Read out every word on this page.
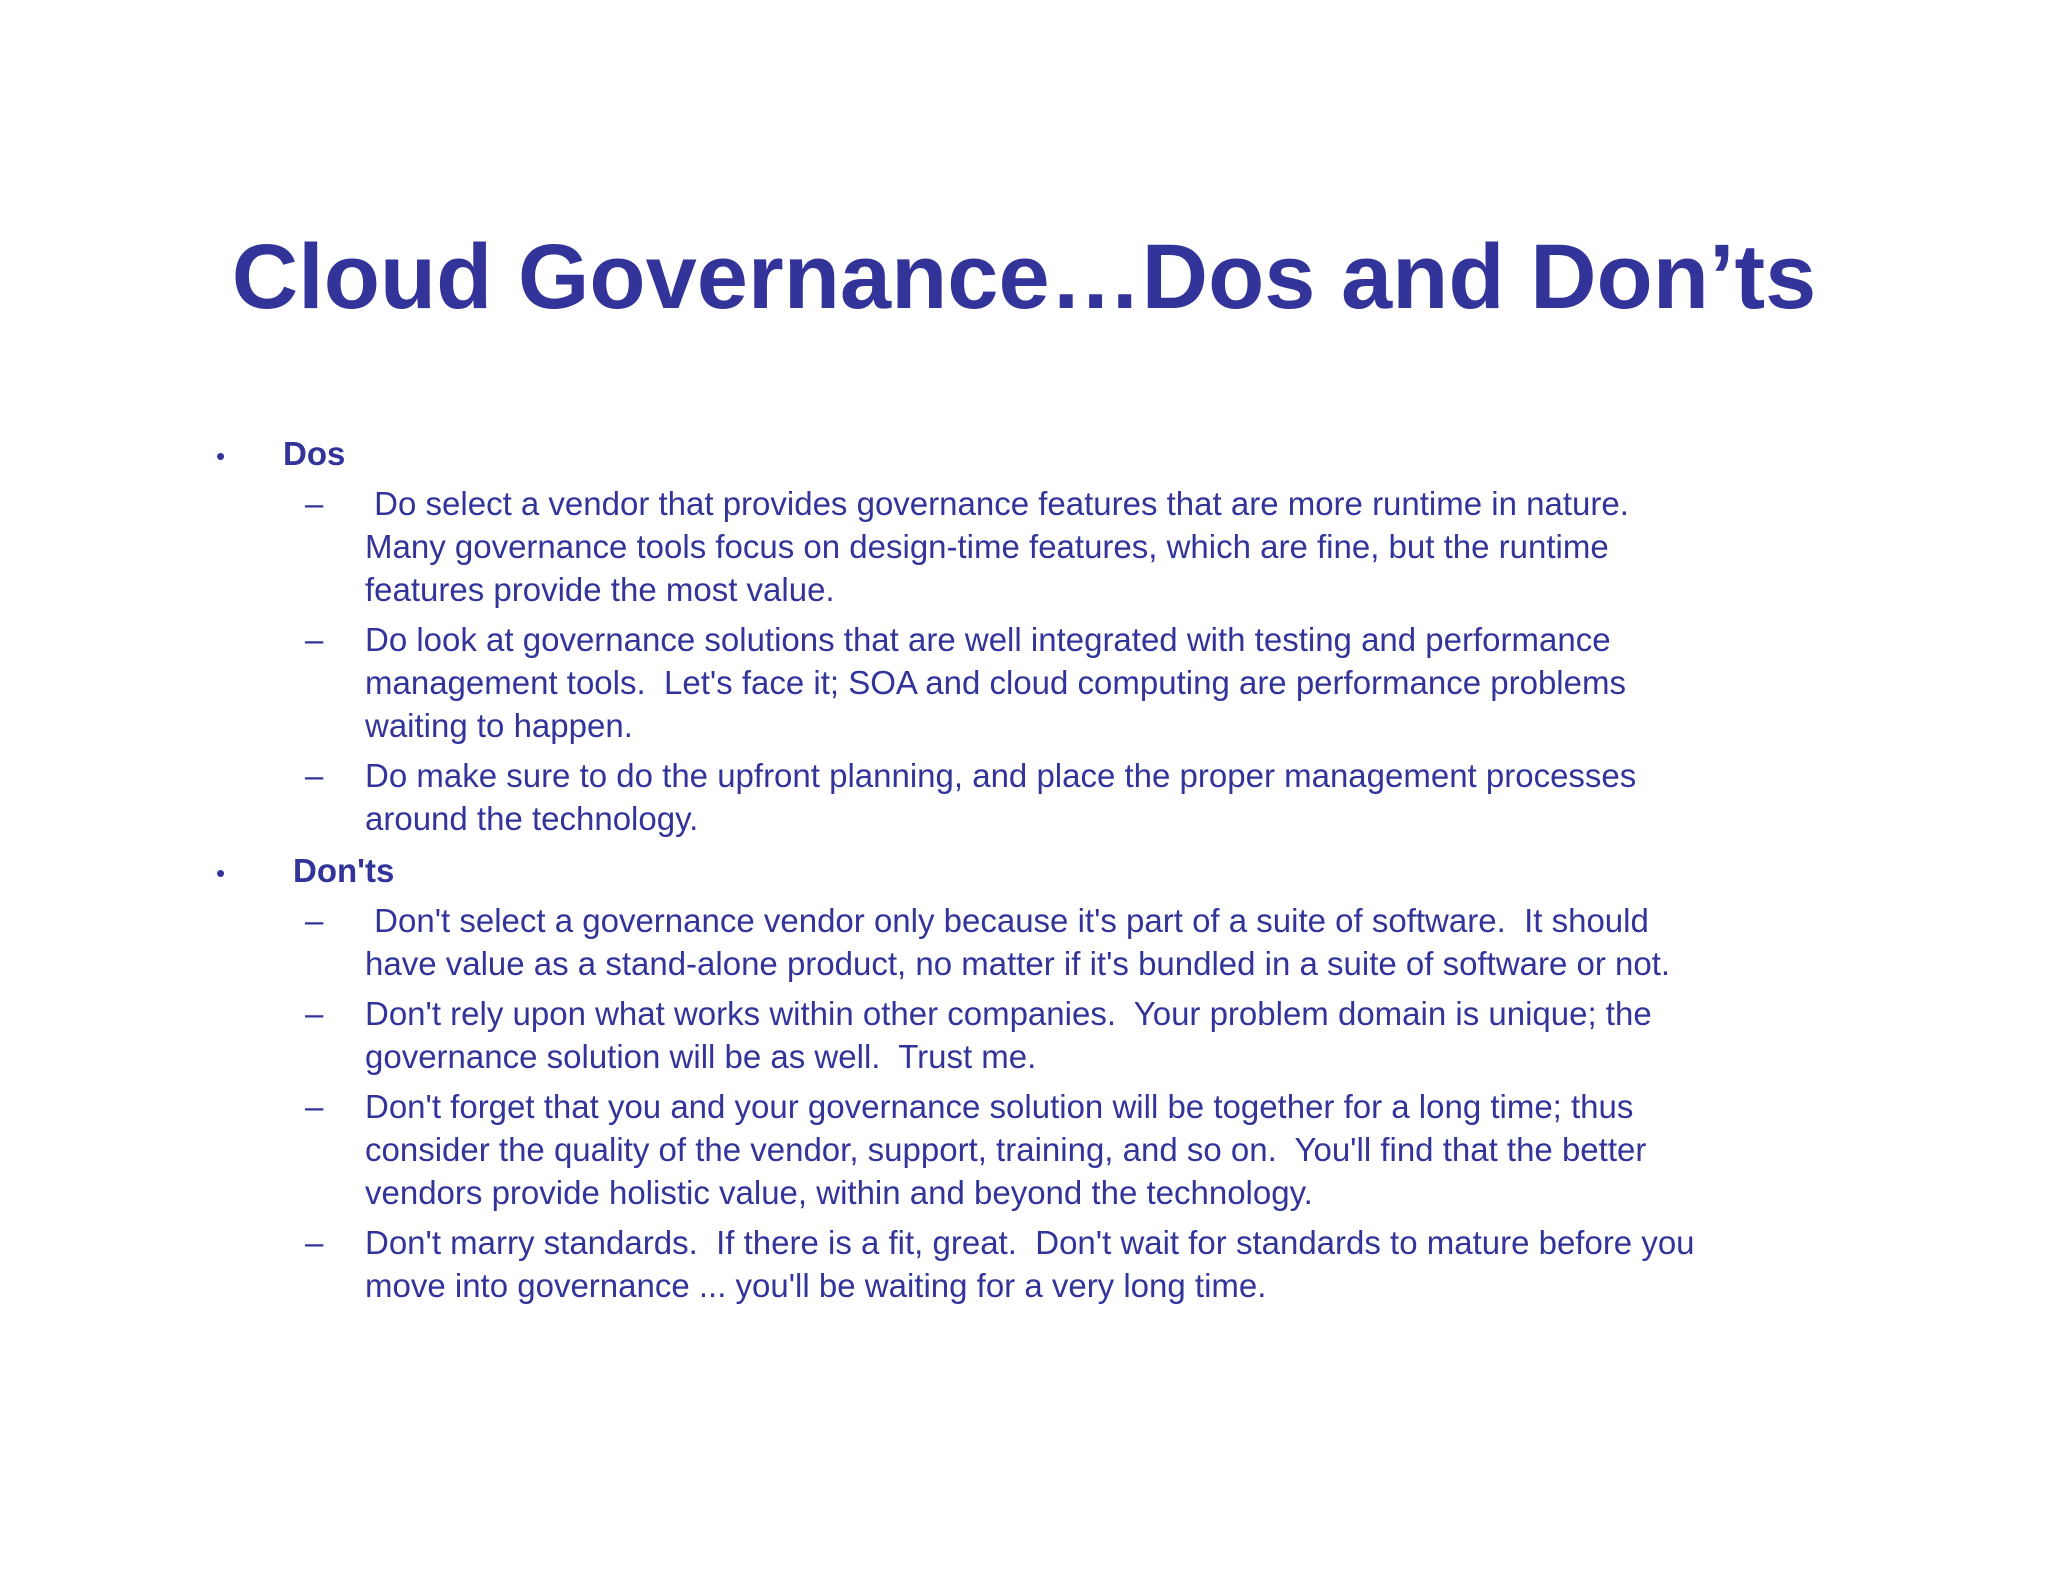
Cloud Governance…Dos and Don’ts
• Dos
– Do select a vendor that provides governance features that are more runtime in nature.
Many governance tools focus on design-time features, which are fine, but the runtime
features provide the most value.
– Do look at governance solutions that are well integrated with testing and performance
management tools.  Let's face it; SOA and cloud computing are performance problems
waiting to happen.
– Do make sure to do the upfront planning, and place the proper management processes
around the technology.
• Don'ts
– Don't select a governance vendor only because it's part of a suite of software.  It should
have value as a stand-alone product, no matter if it's bundled in a suite of software or not.
– Don't rely upon what works within other companies.  Your problem domain is unique; the
governance solution will be as well.  Trust me.
– Don't forget that you and your governance solution will be together for a long time; thus
consider the quality of the vendor, support, training, and so on.  You'll find that the better
vendors provide holistic value, within and beyond the technology.
– Don't marry standards.  If there is a fit, great.  Don't wait for standards to mature before you
move into governance ... you'll be waiting for a very long time.
